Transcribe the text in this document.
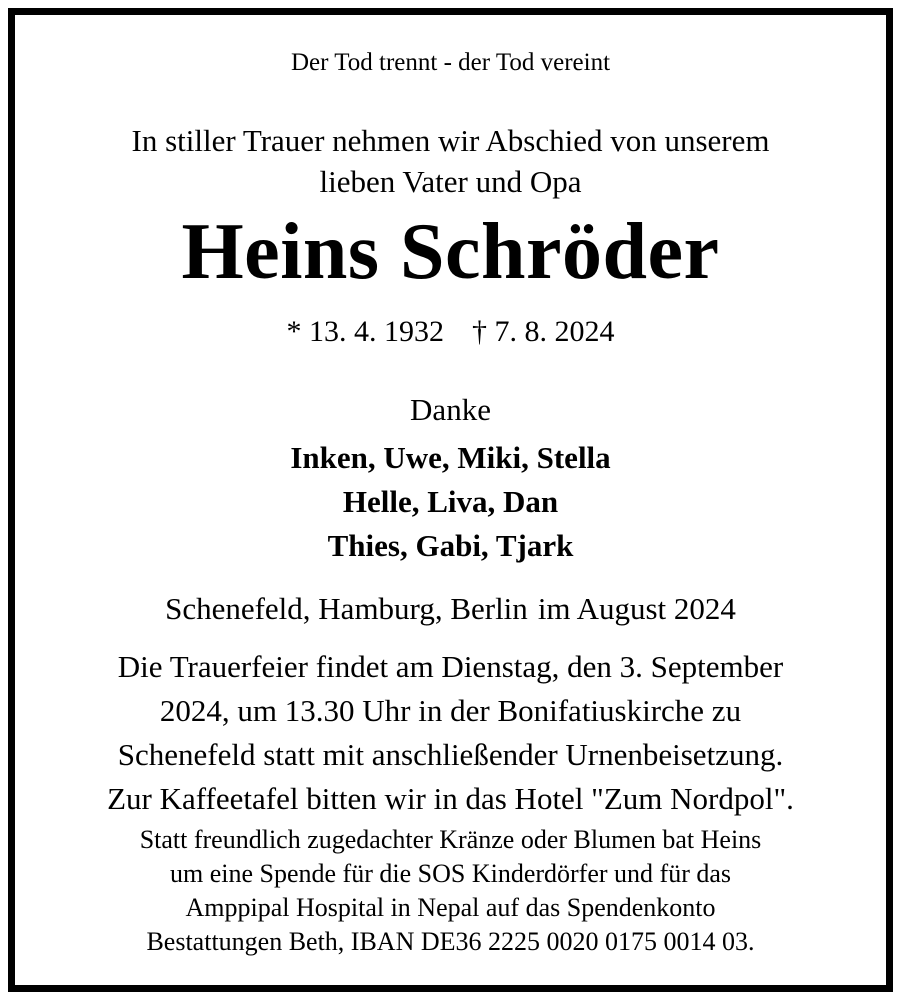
Der Tod trennt - der Tod vereint
In stiller Trauer nehmen wir Abschied von unserem
lieben Vater und Opa
Heins Schröder
* 13. 4. 1932 † 7. 8. 2024
Danke
Inken, Uwe, Miki, Stella
Helle, Liva, Dan
Thies, Gabi, Tjark
Schenefeld, Hamburg, Berlin im August 2024
Die Trauerfeier findet am Dienstag, den 3. September
2024, um 13.30 Uhr in der Bonifatiuskirche zu
Schenefeld statt mit anschließender Urnenbeisetzung.
Zur Kaffeetafel bitten wir in das Hotel "Zum Nordpol".
Statt freundlich zugedachter Kränze oder Blumen bat Heins
um eine Spende für die SOS Kinderdörfer und für das
Amppipal Hospital in Nepal auf das Spendenkonto
Bestattungen Beth, IBAN DE36 2225 0020 0175 0014 03.
